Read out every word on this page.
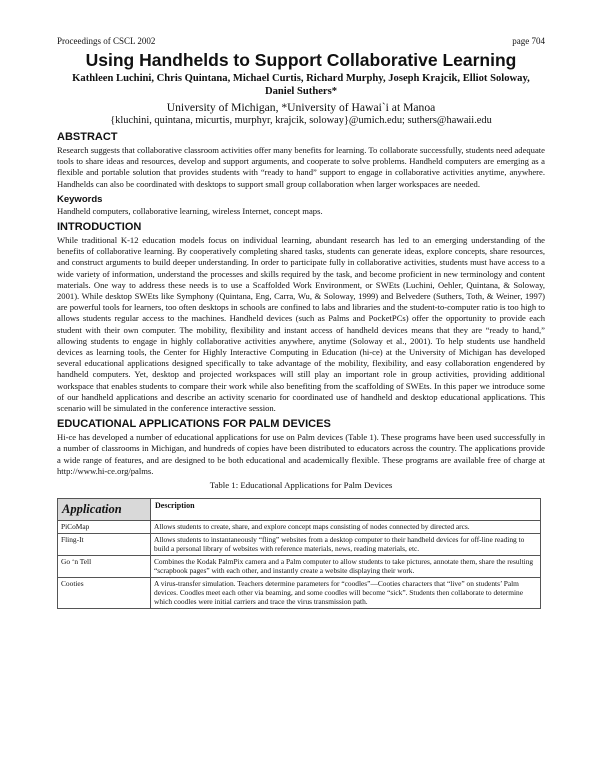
Proceedings of CSCL 2002	page 704
Using Handhelds to Support Collaborative Learning

Kathleen Luchini, Chris Quintana, Michael Curtis, Richard Murphy, Joseph Krajcik, Elliot Soloway, Daniel Suthers*

University of Michigan, *University of Hawai`i at Manoa

{kluchini, quintana, micurtis, murphyr, krajcik, soloway}@umich.edu; suthers@hawaii.edu

ABSTRACT

Research suggests that collaborative classroom activities offer many benefits for learning. To collaborate successfully, students need adequate tools to share ideas and resources, develop and support arguments, and cooperate to solve problems. Handheld computers are emerging as a flexible and portable solution that provides students with “ready to hand” support to engage in collaborative activities anytime, anywhere. Handhelds can also be coordinated with desktops to support small group collaboration when larger workspaces are needed.

Keywords

Handheld computers, collaborative learning, wireless Internet, concept maps.

INTRODUCTION

While traditional K-12 education models focus on individual learning, abundant research has led to an emerging understanding of the benefits of collaborative learning. By cooperatively completing shared tasks, students can generate ideas, explore concepts, share resources, and construct arguments to build deeper understanding. In order to participate fully in collaborative activities, students must have access to a wide variety of information, understand the processes and skills required by the task, and become proficient in new terminology and content materials. One way to address these needs is to use a Scaffolded Work Environment, or SWEts (Luchini, Oehler, Quintana, & Soloway, 2001). While desktop SWEts like Symphony (Quintana, Eng, Carra, Wu, & Soloway, 1999) and Belvedere (Suthers, Toth, & Weiner, 1997) are powerful tools for learners, too often desktops in schools are confined to labs and libraries and the student-to-computer ratio is too high to allows students regular access to the machines. Handheld devices (such as Palms and PocketPCs) offer the opportunity to provide each student with their own computer. The mobility, flexibility and instant access of handheld devices means that they are “ready to hand,” allowing students to engage in highly collaborative activities anywhere, anytime (Soloway et al., 2001). To help students use handheld devices as learning tools, the Center for Highly Interactive Computing in Education (hi-ce) at the University of Michigan has developed several educational applications designed specifically to take advantage of the mobility, flexibility, and easy collaboration engendered by handheld computers. Yet, desktop and projected workspaces will still play an important role in group activities, providing additional workspace that enables students to compare their work while also benefiting from the scaffolding of SWEts. In this paper we introduce some of our handheld applications and describe an activity scenario for coordinated use of handheld and desktop educational applications. This scenario will be simulated in the conference interactive session.

EDUCATIONAL APPLICATIONS FOR PALM DEVICES

Hi-ce has developed a number of educational applications for use on Palm devices (Table 1). These programs have been used successfully in a number of classrooms in Michigan, and hundreds of copies have been distributed to educators across the country. The applications provide a wide range of features, and are designed to be both educational and academically flexible. These programs are available free of charge at http://www.hi-ce.org/palms.

Table 1: Educational Applications for Palm Devices

Application	Description
PiCoMap	Allows students to create, share, and explore concept maps consisting of nodes connected by directed arcs.
Fling-It	Allows students to instantaneously “fling” websites from a desktop computer to their handheld devices for off-line reading to build a personal library of websites with reference materials, news, reading materials, etc.
Go ‘n Tell	Combines the Kodak PalmPix camera and a Palm computer to allow students to take pictures, annotate them, share the resulting “scrapbook pages” with each other, and instantly create a website displaying their work.
Cooties	A virus-transfer simulation. Teachers determine parameters for “coodles”—Cooties characters that “live” on students’ Palm devices. Coodles meet each other via beaming, and some coodles will become “sick”. Students then collaborate to determine which coodles were initial carriers and trace the virus transmission path.
